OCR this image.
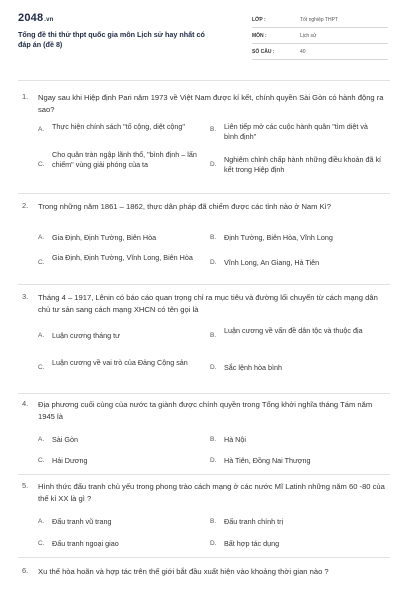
2048.vn
Tổng đề thi thử thpt quốc gia môn Lịch sử hay nhất có đáp án (đề 8)
LỚP :	Tốt nghiệp THPT
MÔN :	Lịch sử
SỐ CÂU :	40
1. Ngay sau khi Hiệp định Pari năm 1973 về Việt Nam được kí kết, chính quyền Sài Gòn có hành động ra sao?
A. Thực hiện chính sách "tố cộng, diệt cộng"	B. Liên tiếp mở các cuộc hành quân "tìm diệt và bình định"
C.
Cho quân tràn ngập lãnh thổ, "bình định – lấn chiếm" vùng giải phóng của ta	D.
Nghiêm chỉnh chấp hành những điều khoản đã kí kết trong Hiệp định
2. Trong những năm 1861 – 1862, thực dân pháp đã chiếm được các tỉnh nào ở Nam Kì?
A. Gia Định, Định Tường, Biên Hòa	B. Định Tường, Biên Hòa, Vĩnh Long
C.
Gia Định, Định Tường, Vĩnh Long, Biên Hòa
D. Vĩnh Long, An Giang, Hà Tiên
3. Tháng 4 – 1917, Lênin có báo cáo quan trọng chỉ ra mục tiêu và đường lối chuyển từ cách mạng dân chủ tư sản sang cách mạng XHCN có tên gọi là
A. Luận cương tháng tư	B.
Luận cương về vấn đề dân tộc và thuộc địa
C.
Luận cương về vai trò của Đảng Cộng sản
D. Sắc lệnh hòa bình
4. Địa phương cuối cùng của nước ta giành được chính quyền trong Tổng khởi nghĩa tháng Tám năm 1945 là
A. Sài Gòn	B. Hà Nội
C. Hải Dương	D. Hà Tiên, Đồng Nai Thượng
5. Hình thức đấu tranh chủ yếu trong phong trào cách mạng ở các nước Mĩ Latinh những năm 60 -80 của thế kỉ XX là gì ?
A. Đấu tranh vũ trang	B. Đấu tranh chính trị
C. Đấu tranh ngoại giao	D. Bất hợp tác dụng
6. Xu thế hòa hoãn và hợp tác trên thế giới bắt đầu xuất hiện vào khoảng thời gian nào ?
